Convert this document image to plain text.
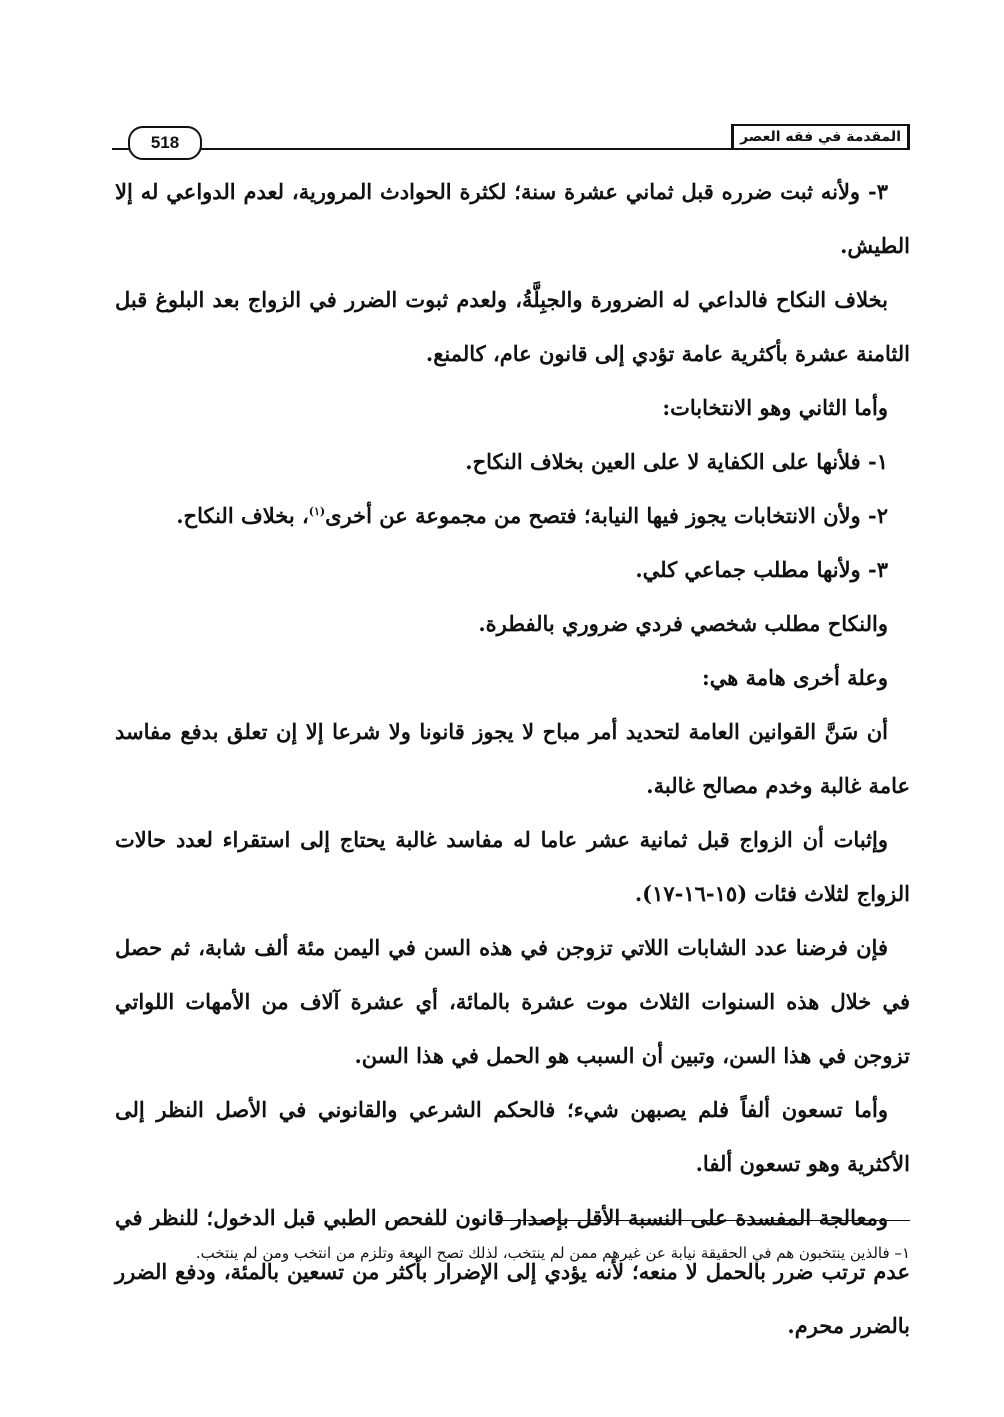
المقدمة في فقه العصر
518

٣- ولأنه ثبت ضرره قبل ثماني عشرة سنة؛ لكثرة الحوادث المرورية، لعدم الدواعي له إلا الطيش.

بخلاف النكاح فالداعي له الضرورة والجبِلَّةُ، ولعدم ثبوت الضرر في الزواج بعد البلوغ قبل الثامنة عشرة بأكثرية عامة تؤدي إلى قانون عام، كالمنع.

وأما الثاني وهو الانتخابات:

١- فلأنها على الكفاية لا على العين بخلاف النكاح.

٢- ولأن الانتخابات يجوز فيها النيابة؛ فتصح من مجموعة عن أخرى$^{(١)}$، بخلاف النكاح.

٣- ولأنها مطلب جماعي كلي.

والنكاح مطلب شخصي فردي ضروري بالفطرة.

وعلة أخرى هامة هي:

أن سَنَّ القوانين العامة لتحديد أمر مباح لا يجوز قانونا ولا شرعا إلا إن تعلق بدفع مفاسد عامة غالبة وخدم مصالح غالبة.

وإثبات أن الزواج قبل ثمانية عشر عاما له مفاسد غالبة يحتاج إلى استقراء لعدد حالات الزواج لثلاث فئات (١٥-١٦-١٧).

فإن فرضنا عدد الشابات اللاتي تزوجن في هذه السن في اليمن مئة ألف شابة، ثم حصل في خلال هذه السنوات الثلاث موت عشرة بالمائة، أي عشرة آلاف من الأمهات اللواتي تزوجن في هذا السن، وتبين أن السبب هو الحمل في هذا السن.

وأما تسعون ألفاً فلم يصبهن شيء؛ فالحكم الشرعي والقانوني في الأصل النظر إلى الأكثرية وهو تسعون ألفا.

ومعالجة المفسدة على النسبة الأقل بإصدار قانون للفحص الطبي قبل الدخول؛ للنظر في عدم ترتب ضرر بالحمل لا منعه؛ لأنه يؤدي إلى الإضرار بأكثر من تسعين بالمئة، ودفع الضرر بالضرر محرم.

١– فالذين ينتخبون هم في الحقيقة نيابة عن غيرهم ممن لم ينتخب، لذلك تصح البيعة وتلزم من انتخب ومن لم ينتخب.
